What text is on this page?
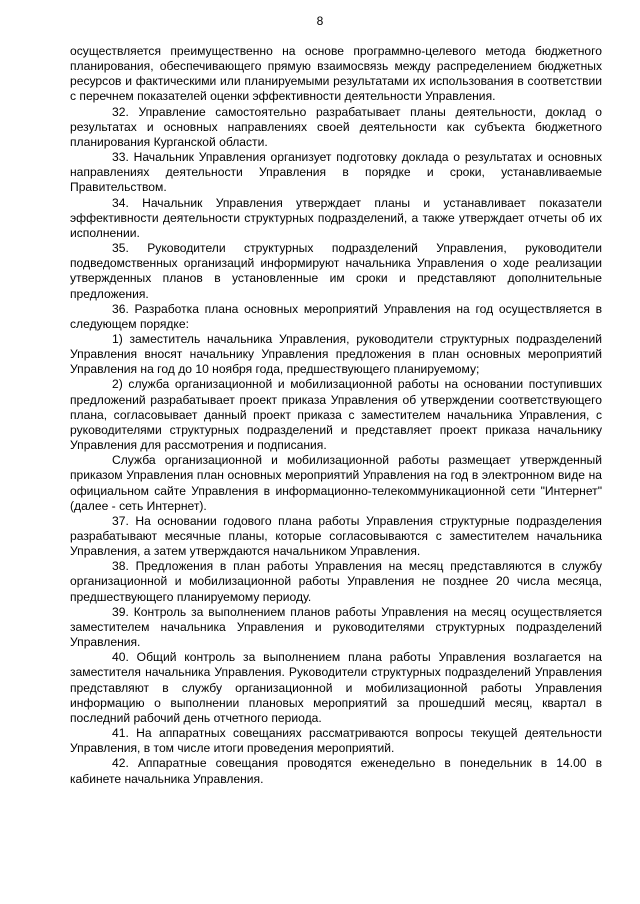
8

осуществляется преимущественно на основе программно-целевого метода бюджетного планирования, обеспечивающего прямую взаимосвязь между распределением бюджетных ресурсов и фактическими или планируемыми результатами их использования в соответствии с перечнем показателей оценки эффективности деятельности Управления.

32. Управление самостоятельно разрабатывает планы деятельности, доклад о результатах и основных направлениях своей деятельности как субъекта бюджетного планирования Курганской области.

33. Начальник Управления организует подготовку доклада о результатах и основных направлениях деятельности Управления в порядке и сроки, устанавливаемые Правительством.

34. Начальник Управления утверждает планы и устанавливает показатели эффективности деятельности структурных подразделений, а также утверждает отчеты об их исполнении.

35. Руководители структурных подразделений Управления, руководители подведомственных организаций информируют начальника Управления о ходе реализации утвержденных планов в установленные им сроки и представляют дополнительные предложения.

36. Разработка плана основных мероприятий Управления на год осуществляется в следующем порядке:

1) заместитель начальника Управления, руководители структурных подразделений Управления вносят начальнику Управления предложения в план основных мероприятий Управления на год до 10 ноября года, предшествующего планируемому;

2) служба организационной и мобилизационной работы на основании поступивших предложений разрабатывает проект приказа Управления об утверждении соответствующего плана, согласовывает данный проект приказа с заместителем начальника Управления, с руководителями структурных подразделений и представляет проект приказа начальнику Управления для рассмотрения и подписания.

Служба организационной и мобилизационной работы размещает утвержденный приказом Управления план основных мероприятий Управления на год в электронном виде на официальном сайте Управления в информационно-телекоммуникационной сети "Интернет" (далее - сеть Интернет).

37. На основании годового плана работы Управления структурные подразделения разрабатывают месячные планы, которые согласовываются с заместителем начальника Управления, а затем утверждаются начальником Управления.

38. Предложения в план работы Управления на месяц представляются в службу организационной и мобилизационной работы Управления не позднее 20 числа месяца, предшествующего планируемому периоду.

39. Контроль за выполнением планов работы Управления на месяц осуществляется заместителем начальника Управления и руководителями структурных подразделений Управления.

40. Общий контроль за выполнением плана работы Управления возлагается на заместителя начальника Управления. Руководители структурных подразделений Управления представляют в службу организационной и мобилизационной работы Управления информацию о выполнении плановых мероприятий за прошедший месяц, квартал в последний рабочий день отчетного периода.

41. На аппаратных совещаниях рассматриваются вопросы текущей деятельности Управления, в том числе итоги проведения мероприятий.

42. Аппаратные совещания проводятся еженедельно в понедельник в 14.00 в кабинете начальника Управления.
